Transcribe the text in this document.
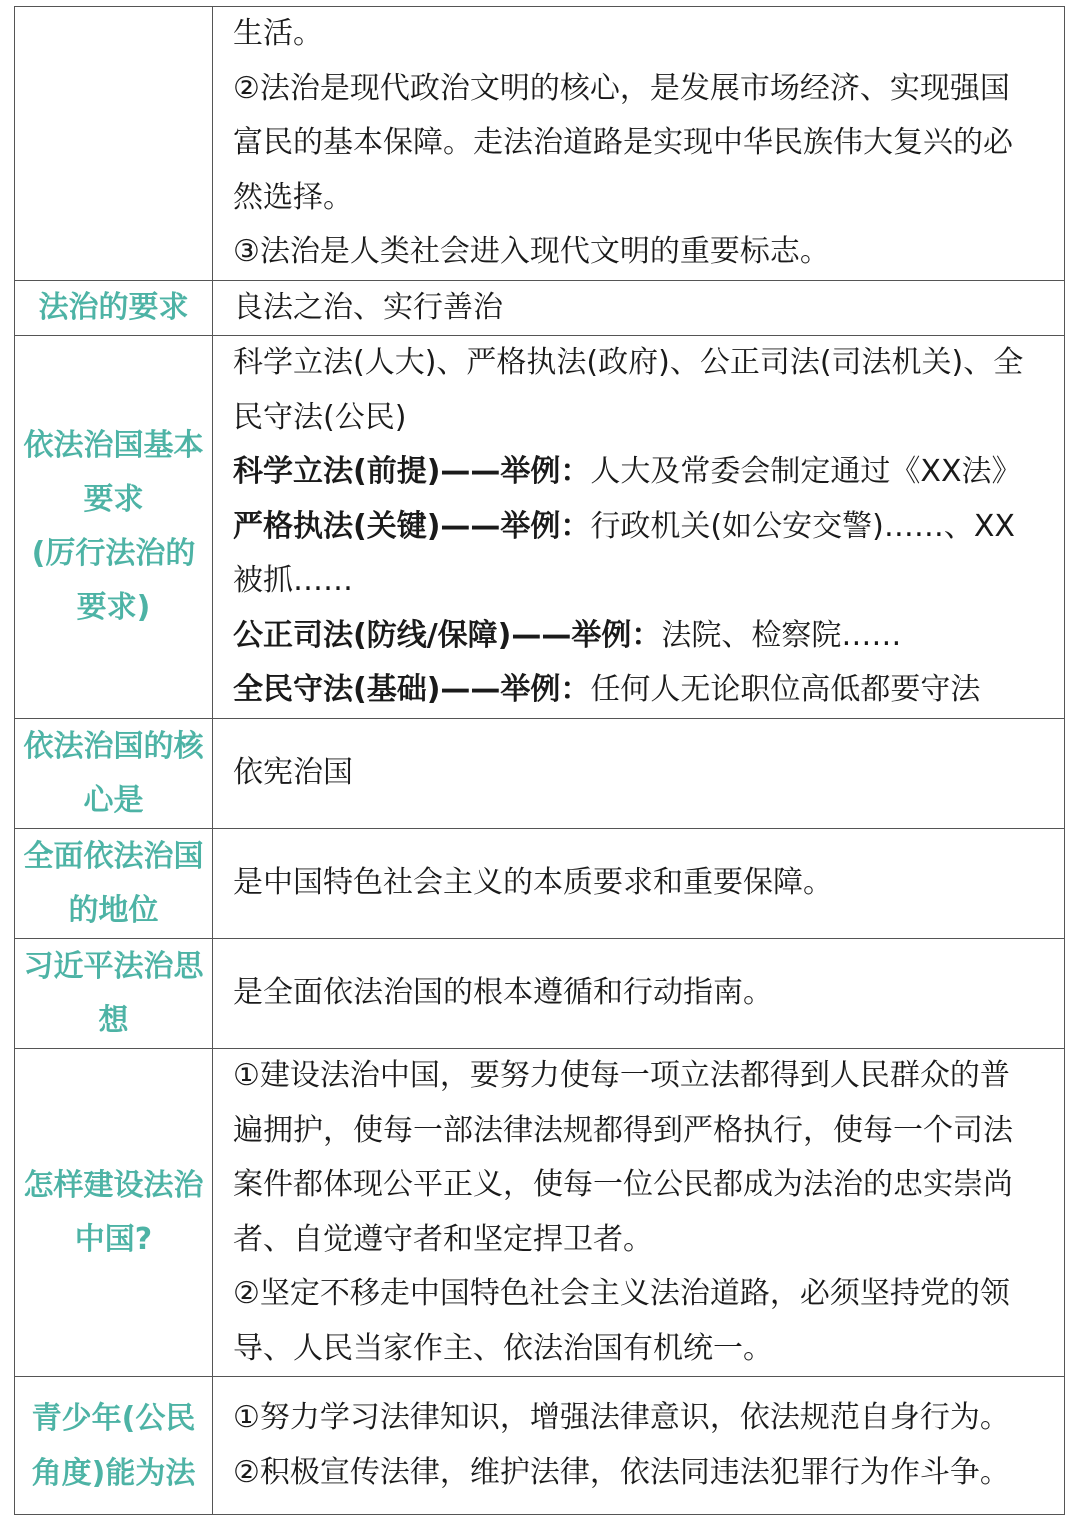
生活。

②法治是现代政治文明的核心，是发展市场经济、实现强国

富民的基本保障。走法治道路是实现中华民族伟大复兴的必

然选择。

③法治是人类社会进入现代文明的重要标志。

法治的要求 良法之治、实行善治

依法治国基本
要求
(厉行法治的
要求)

科学立法(人大)、严格执法(政府)、公正司法(司法机关)、全

民守法(公民)

科学立法(前提)——举例：人大及常委会制定通过《XX法》

严格执法(关键)——举例：行政机关(如公安交警)……、XX

被抓……

公正司法(防线/保障)——举例：法院、检察院……

全民守法(基础)——举例：任何人无论职位高低都要守法

依法治国的核
心是

依宪治国

全面依法治国
的地位

是中国特色社会主义的本质要求和重要保障。

习近平法治思
想

是全面依法治国的根本遵循和行动指南。

怎样建设法治
中国?

①建设法治中国，要努力使每一项立法都得到人民群众的普

遍拥护，使每一部法律法规都得到严格执行，使每一个司法

案件都体现公平正义，使每一位公民都成为法治的忠实崇尚

者、自觉遵守者和坚定捍卫者。

②坚定不移走中国特色社会主义法治道路，必须坚持党的领

导、人民当家作主、依法治国有机统一。

青少年(公民
角度)能为法

①努力学习法律知识，增强法律意识，依法规范自身行为。

②积极宣传法律，维护法律，依法同违法犯罪行为作斗争。
